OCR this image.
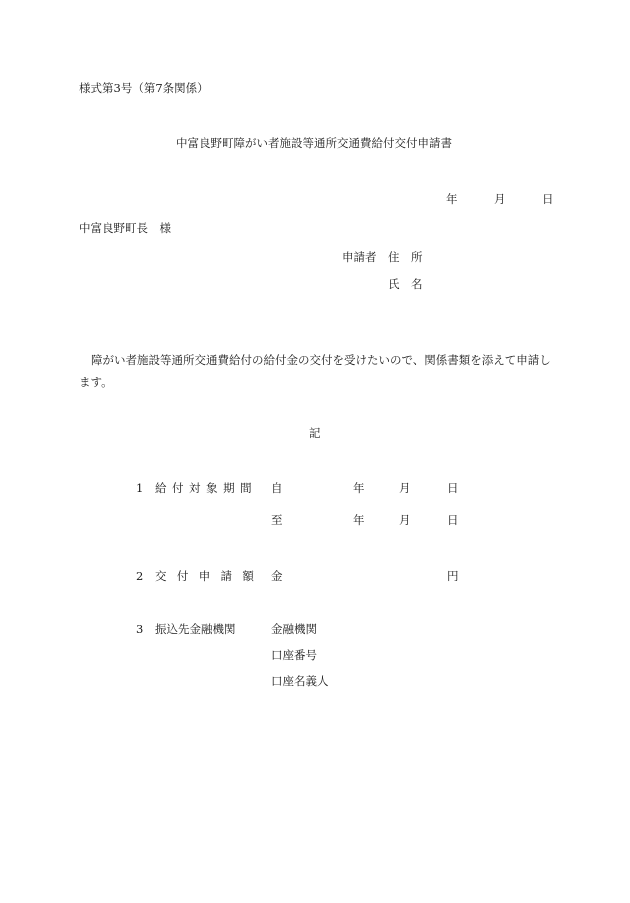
様式第3号（第7条関係）
中富良野町障がい者施設等通所交通費給付交付申請書
年	月	日
中富良野町長　様
申請者 住　所
氏　名
障がい者施設等通所交通費給付の給付金の交付を受けたいので、関係書類を添えて申請します。
記
1 給付対象期間 自	年	月	日
至	年	月	日
2 交付申請額 金	円
3 振込先金融機関	金融機関
口座番号
口座名義人
